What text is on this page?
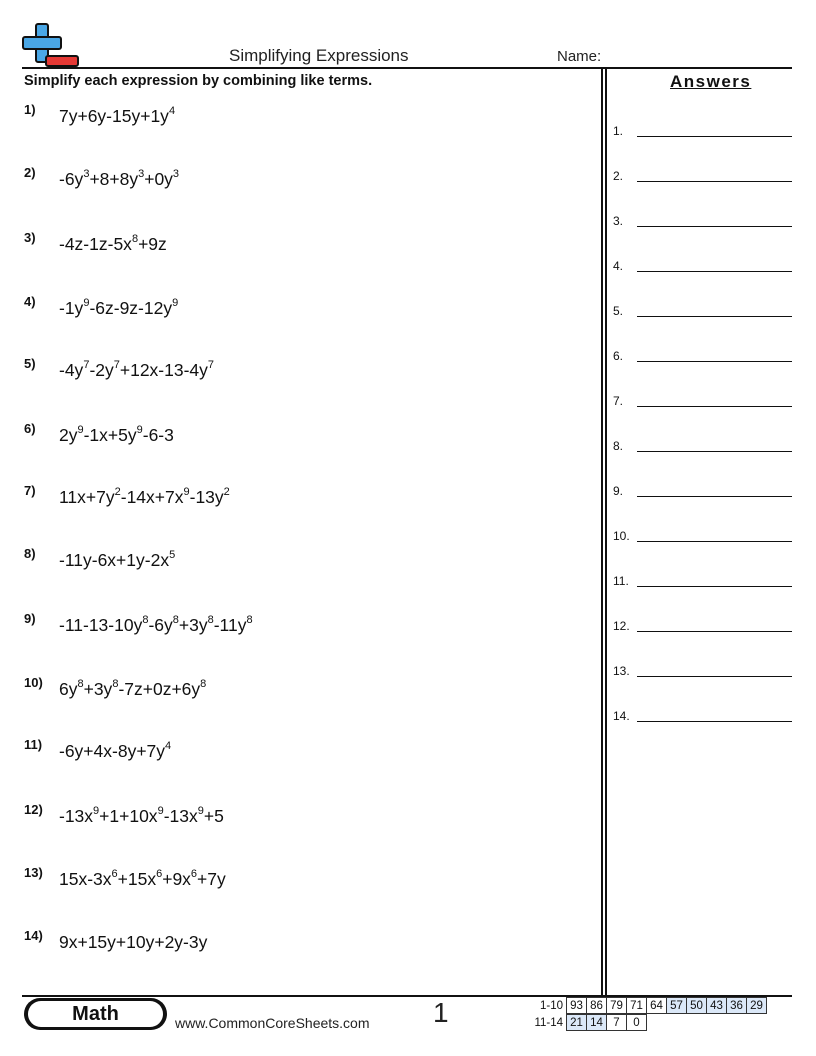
Simplifying Expressions	Name:
Simplify each expression by combining like terms.	Answers
1.
2.
3.
4.
5.
6.
7.
8.
9.
10.
11.
12.
13.
14.
1) $7y+6y-15y+1y^4$
2) $-6y^3+8+8y^3+0y^3$
3) $-4z-1z-5x^8+9z$
4) $-1y^9-6z-9z-12y^9$
5) $-4y^7-2y^7+12x-13-4y^7$
6) $2y^9-1x+5y^9-6-3$
7) $11x+7y^2-14x+7x^9-13y^2$
8) $-11y-6x+1y-2x^5$
9) $-11-13-10y^8-6y^8+3y^8-11y^8$
10) $6y^8+3y^8-7z+0z+6y^8$
11) $-6y+4x-8y+7y^4$
12) $-13x^9+1+10x^9-13x^9+5$
13) $15x-3x^6+15x^6+9x^6+7y$
14) 9x+15y+10y+2y-3y
Math	www.CommonCoreSheets.com 1	1-10	93	86	79	71	64	57	50	43	36	29
11-14	21	14	7	0
